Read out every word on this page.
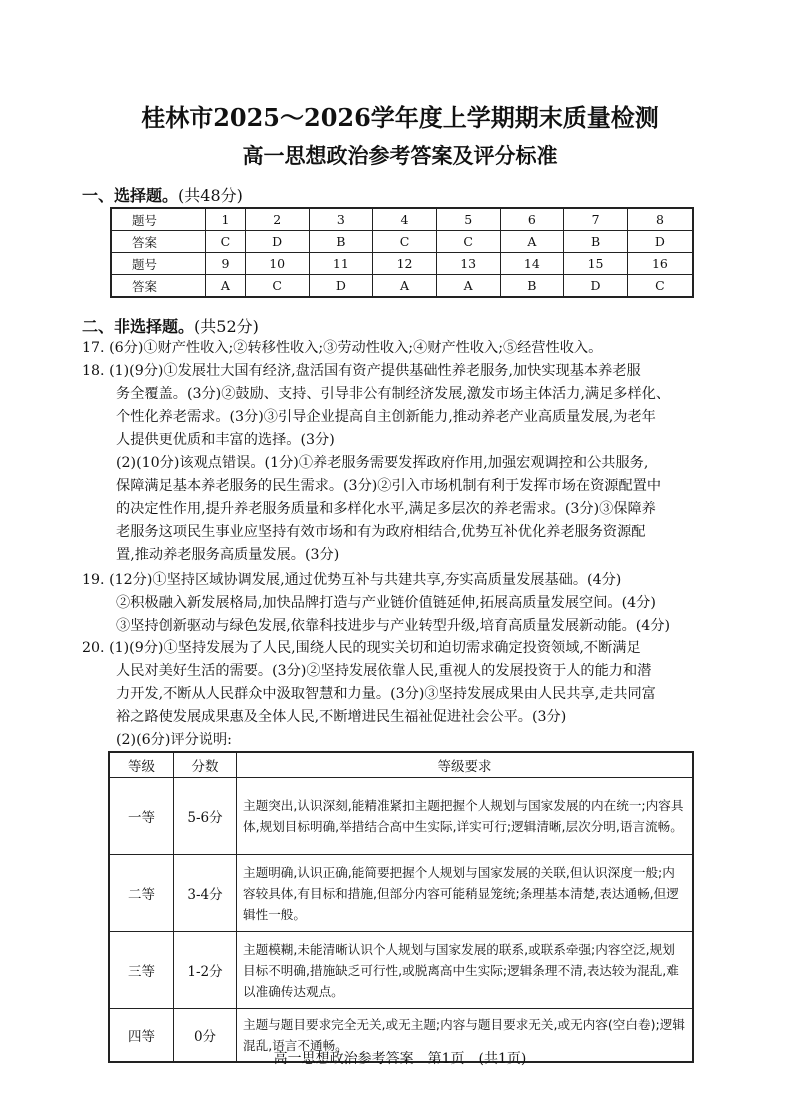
桂林市2025～2026学年度上学期期末质量检测
高一思想政治参考答案及评分标准
一、选择题。(共48分)
题号	1	2	3	4	5	6	7	8
答案	C	D	B	C	C	A	B	D
题号	9	10	11	12	13	14	15	16
答案	A	C	D	A	A	B	D	C
二、非选择题。(共52分)
17. (6分)①财产性收入;②转移性收入;③劳动性收入;④财产性收入;⑤经营性收入。
18. (1)(9分)①发展壮大国有经济,盘活国有资产提供基础性养老服务,加快实现基本养老服
务全覆盖。(3分)②鼓励、支持、引导非公有制经济发展,激发市场主体活力,满足多样化、
个性化养老需求。(3分)③引导企业提高自主创新能力,推动养老产业高质量发展,为老年
人提供更优质和丰富的选择。(3分)
(2)(10分)该观点错误。(1分)①养老服务需要发挥政府作用,加强宏观调控和公共服务,
保障满足基本养老服务的民生需求。(3分)②引入市场机制有利于发挥市场在资源配置中
的决定性作用,提升养老服务质量和多样化水平,满足多层次的养老需求。(3分)③保障养
老服务这项民生事业应坚持有效市场和有为政府相结合,优势互补优化养老服务资源配
置,推动养老服务高质量发展。(3分)
19. (12分)①坚持区域协调发展,通过优势互补与共建共享,夯实高质量发展基础。(4分)
②积极融入新发展格局,加快品牌打造与产业链价值链延伸,拓展高质量发展空间。(4分)
③坚持创新驱动与绿色发展,依靠科技进步与产业转型升级,培育高质量发展新动能。(4分)
20. (1)(9分)①坚持发展为了人民,围绕人民的现实关切和迫切需求确定投资领域,不断满足
人民对美好生活的需要。(3分)②坚持发展依靠人民,重视人的发展投资于人的能力和潜
力开发,不断从人民群众中汲取智慧和力量。(3分)③坚持发展成果由人民共享,走共同富
裕之路使发展成果惠及全体人民,不断增进民生福祉促进社会公平。(3分)
(2)(6分)评分说明:
等级	分数	等级要求
一等	5-6分	主题突出,认识深刻,能精准紧扣主题把握个人规划与国家发展的内在统一;内容具体,规划目标明确,举措结合高中生实际,详实可行;逻辑清晰,层次分明,语言流畅。
二等	3-4分	主题明确,认识正确,能简要把握个人规划与国家发展的关联,但认识深度一般;内容较具体,有目标和措施,但部分内容可能稍显笼统;条理基本清楚,表达通畅,但逻辑性一般。
三等	1-2分	主题模糊,未能清晰认识个人规划与国家发展的联系,或联系牵强;内容空泛,规划目标不明确,措施缺乏可行性,或脱离高中生实际;逻辑条理不清,表达较为混乱,难以准确传达观点。
四等	0分	主题与题目要求完全无关,或无主题;内容与题目要求无关,或无内容(空白卷);逻辑混乱,语言不通畅。
高一思想政治参考答案　第1页　(共1页)
